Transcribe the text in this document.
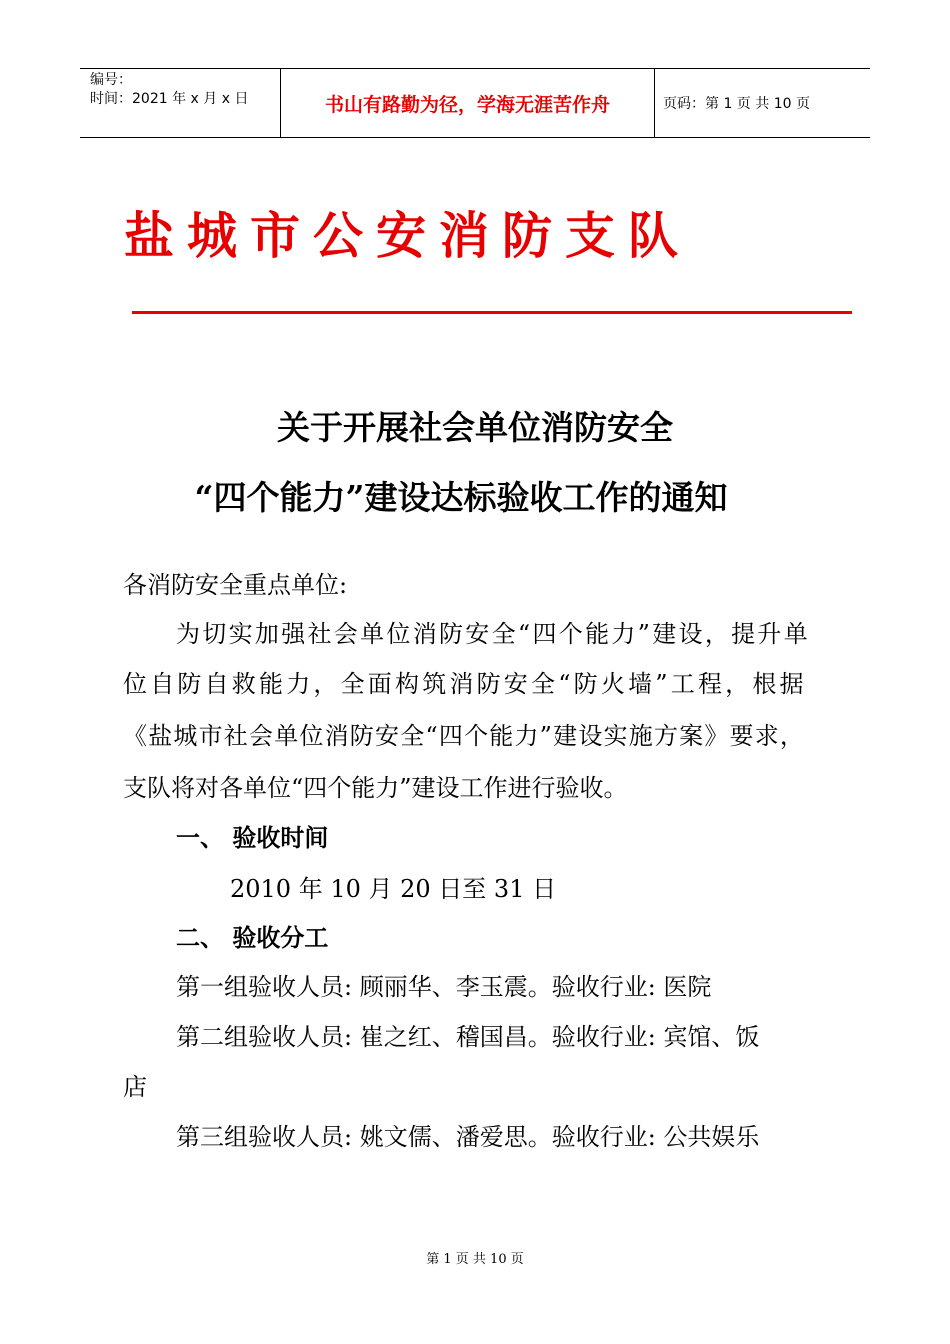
编号：
时间：2021 年 x 月 x 日	书山有路勤为径，学海无涯苦作舟	页码：第 1 页 共 10 页
盐城市公安消防支队
关于开展社会单位消防安全
“四个能力”建设达标验收工作的通知
各消防安全重点单位:
为切实加强社会单位消防安全“四个能力”建设，提升单
位自防自救能力，全面构筑消防安全“防火墙”工程，根据
《盐城市社会单位消防安全“四个能力”建设实施方案》要求，
支队将对各单位“四个能力”建设工作进行验收。
一、 验收时间
2010 年 10 月 20 日至 31 日
二、 验收分工
第一组验收人员: 顾丽华、李玉震。验收行业: 医院
第二组验收人员: 崔之红、稽国昌。验收行业: 宾馆、饭
店
第三组验收人员: 姚文儒、潘爱思。验收行业: 公共娱乐
第 1 页 共 10 页
